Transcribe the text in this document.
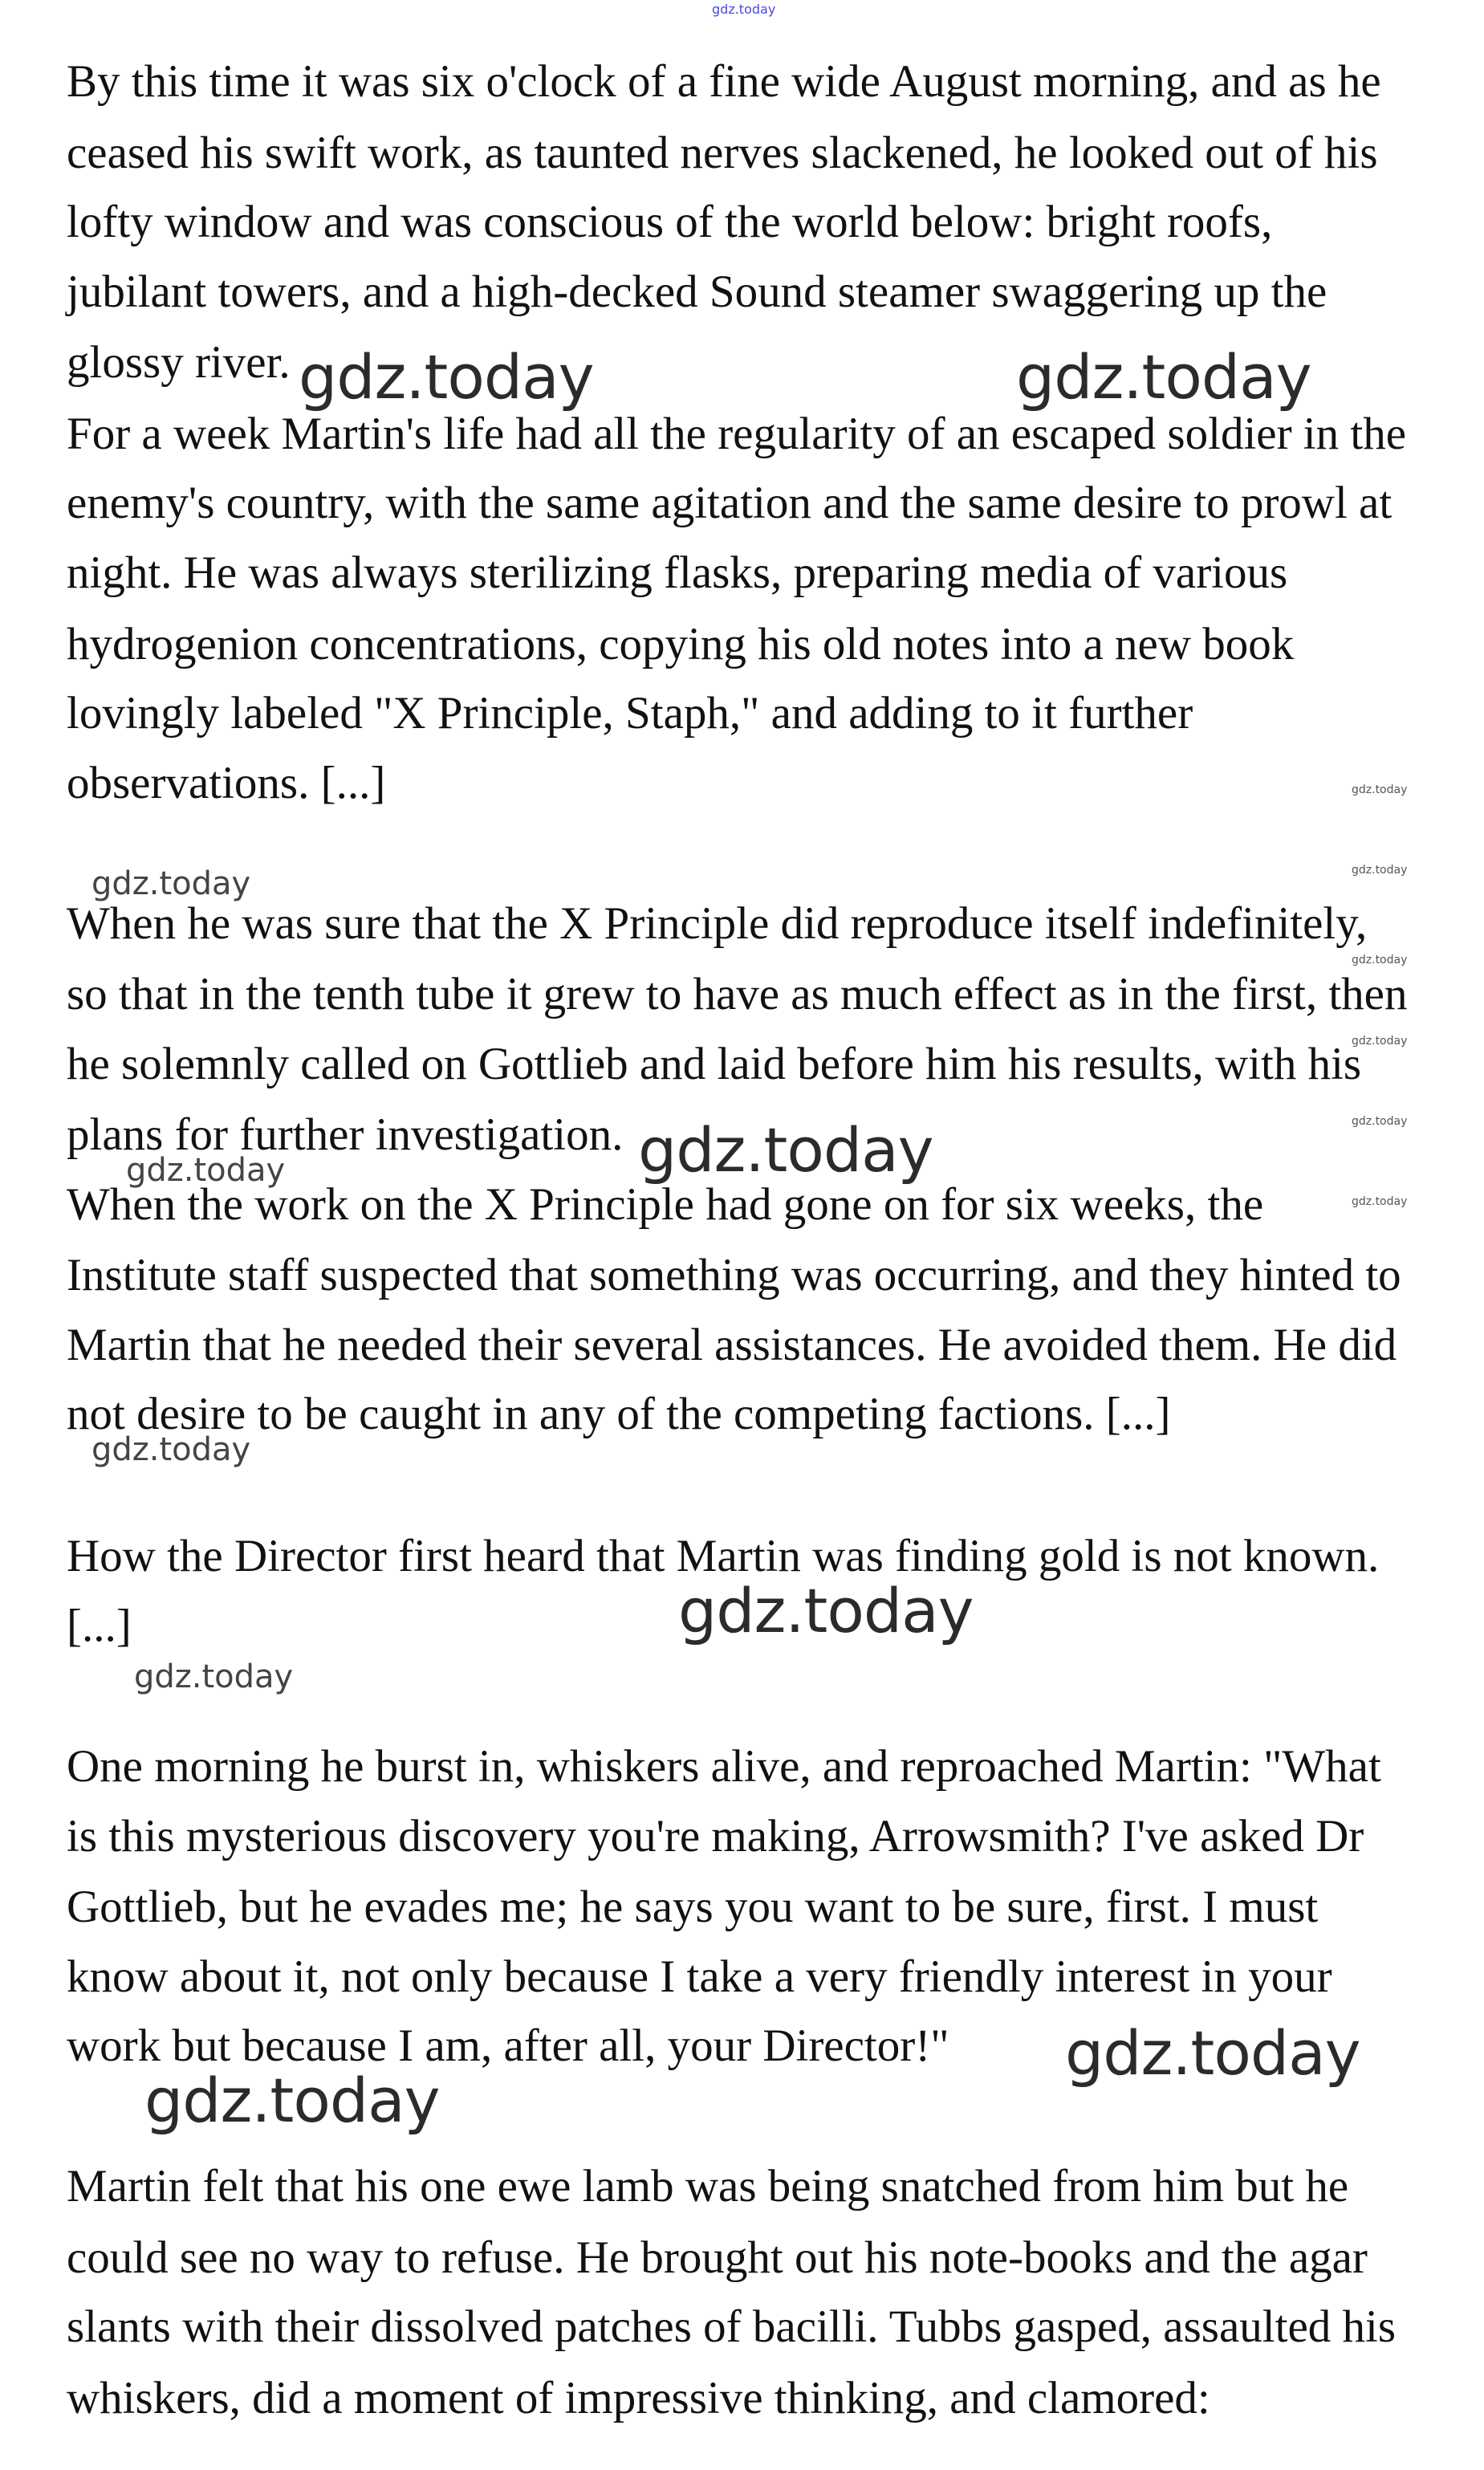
gdz.today
By this time it was six o'clock of a fine wide August morning, and as he
ceased his swift work, as taunted nerves slackened, he looked out of his
lofty window and was conscious of the world below: bright roofs,
jubilant towers, and a high-decked Sound steamer swaggering up the
glossy river.
For a week Martin's life had all the regularity of an escaped soldier in the
enemy's country, with the same agitation and the same desire to prowl at
night. He was always sterilizing flasks, preparing media of various
hydrogenion concentrations, copying his old notes into a new book
lovingly labeled "X Principle, Staph," and adding to it further
observations. [...]
When he was sure that the X Principle did reproduce itself indefinitely,
so that in the tenth tube it grew to have as much effect as in the first, then
he solemnly called on Gottlieb and laid before him his results, with his
plans for further investigation.
When the work on the X Principle had gone on for six weeks, the
Institute staff suspected that something was occurring, and they hinted to
Martin that he needed their several assistances. He avoided them. He did
not desire to be caught in any of the competing factions. [...]
How the Director first heard that Martin was finding gold is not known.
[...]
One morning he burst in, whiskers alive, and reproached Martin: "What
is this mysterious discovery you're making, Arrowsmith? I've asked Dr
Gottlieb, but he evades me; he says you want to be sure, first. I must
know about it, not only because I take a very friendly interest in your
work but because I am, after all, your Director!"
Martin felt that his one ewe lamb was being snatched from him but he
could see no way to refuse. He brought out his note-books and the agar
slants with their dissolved patches of bacilli. Tubbs gasped, assaulted his
whiskers, did a moment of impressive thinking, and clamored:
gdz.today	gdz.today
gdz.today
gdz.today
gdz.today
gdz.today
gdz.today
gdz.today
gdz.today
gdz.today
gdz.today
gdz.today
gdz.today
gdz.today
gdz.today
gdz.today
